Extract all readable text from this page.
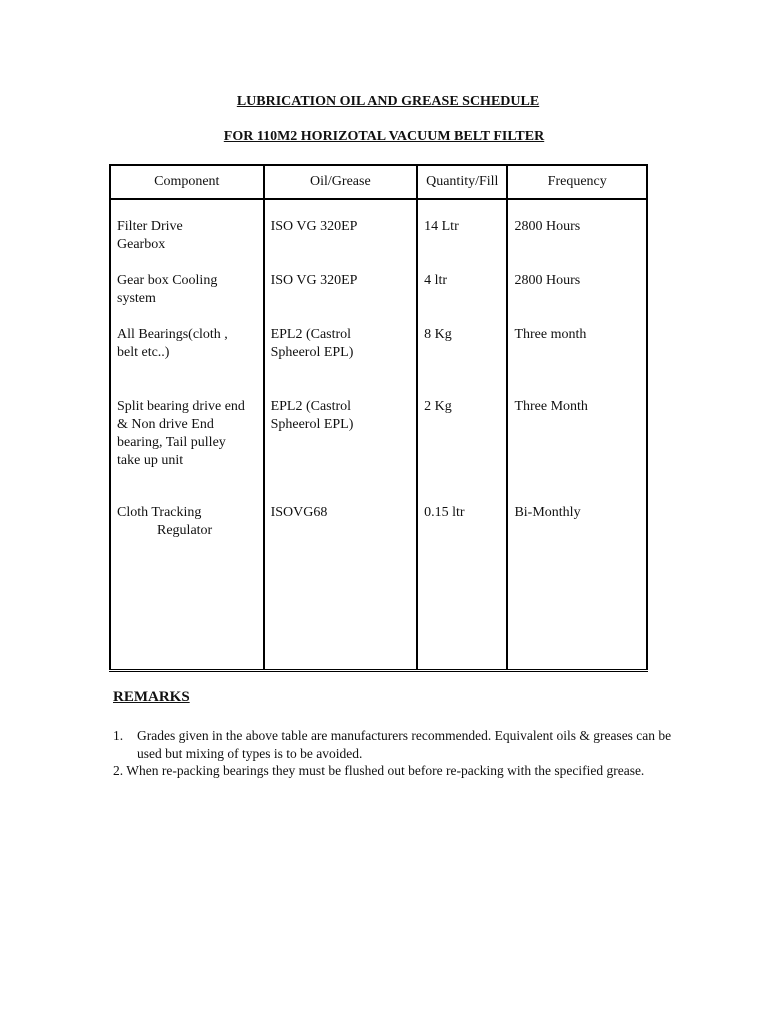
LUBRICATION OIL AND GREASE SCHEDULE
FOR 110M2 HORIZOTAL VACUUM BELT FILTER
Component	Oil/Grease	Quantity/Fill	Frequency

Filter Drive
Gearbox	ISO VG 320EP	14 Ltr	2800 Hours

Gear box Cooling
system	ISO VG 320EP	4 ltr	2800 Hours

All Bearings(cloth ,
belt etc..)	EPL2 (Castrol
Spheerol EPL)	8 Kg	Three month

Split bearing drive end
& Non drive End
bearing, Tail pulley
take up unit	EPL2 (Castrol
Spheerol EPL)	2 Kg	Three Month

Cloth Tracking
Regulator	ISOVG68	0.15 ltr	Bi-Monthly
REMARKS
1. Grades given in the above table are manufacturers recommended. Equivalent oils & greases can be used but mixing of types is to be avoided.
2. When re-packing bearings they must be flushed out before re-packing with the specified grease.
